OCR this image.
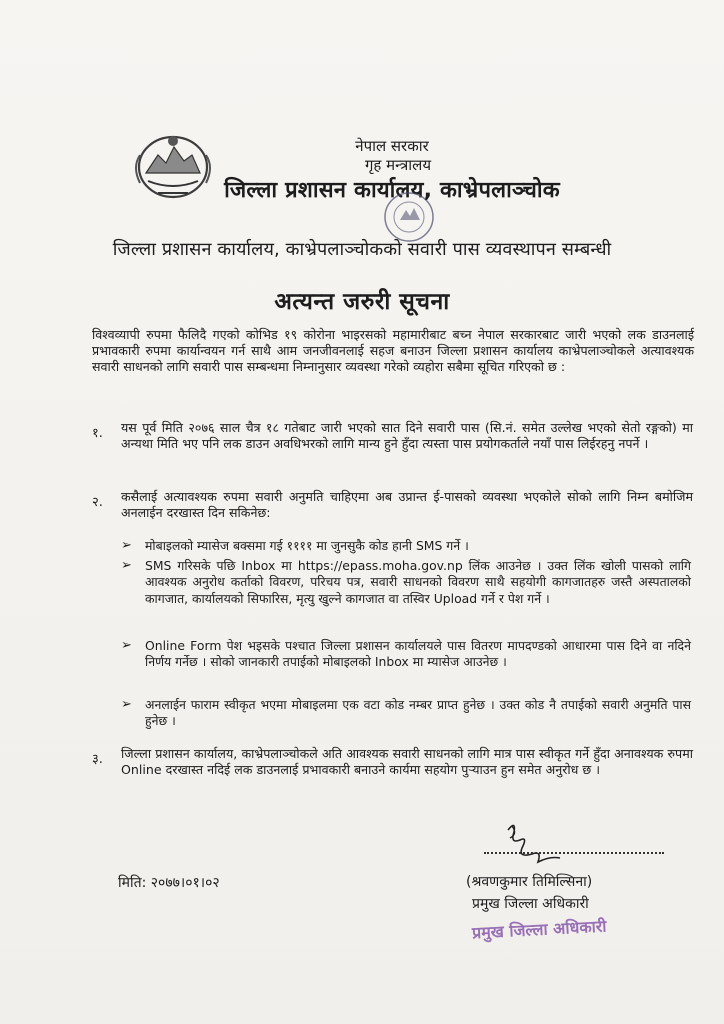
नेपाल सरकार
गृह मन्त्रालय
जिल्ला प्रशासन कार्यालय, काभ्रेपलाञ्चोक
जिल्ला प्रशासन कार्यालय, काभ्रेपलाञ्चोकको सवारी पास व्यवस्थापन सम्बन्धी
अत्यन्त जरुरी सूचना
विश्वव्यापी रुपमा फैलिदै गएको कोभिड १९ कोरोना भाइरसको महामारीबाट बच्न नेपाल सरकारबाट जारी भएको लक डाउनलाई प्रभावकारी रुपमा कार्यान्वयन गर्न साथै आम जनजीवनलाई सहज बनाउन जिल्ला प्रशासन कार्यालय काभ्रेपलाञ्चोकले अत्यावश्यक सवारी साधनको लागि सवारी पास सम्बन्धमा निम्नानुसार व्यवस्था गरेको व्यहोरा सबैमा सूचित गरिएको छ :
१. यस पूर्व मिति २०७६ साल चैत्र १८ गतेबाट जारी भएको सात दिने सवारी पास (सि.नं. समेत उल्लेख भएको सेतो रङ्गको) मा अन्यथा मिति भए पनि लक डाउन अवधिभरको लागि मान्य हुने हुँदा त्यस्ता पास प्रयोगकर्ताले नयाँ पास लिईरहनु नपर्ने ।
२. कसैलाई अत्यावश्यक रुपमा सवारी अनुमति चाहिएमा अब उप्रान्त ई-पासको व्यवस्था भएकोले सोको लागि निम्न बमोजिम अनलाईन दरखास्त दिन सकिनेछ:
➢ मोबाइलको म्यासेज बक्समा गई ११११ मा जुनसुकै कोड हानी SMS गर्ने ।
➢ SMS गरिसके पछि Inbox मा https://epass.moha.gov.np लिंक आउनेछ । उक्त लिंक खोली पासको लागि आवश्यक अनुरोध कर्ताको विवरण, परिचय पत्र, सवारी साधनको विवरण साथै सहयोगी कागजातहरु जस्तै अस्पतालको कागजात, कार्यालयको सिफारिस, मृत्यु खुल्ने कागजात वा तस्विर Upload गर्ने र पेश गर्ने ।
➢ Online Form पेश भइसके पश्चात जिल्ला प्रशासन कार्यालयले पास वितरण मापदण्डको आधारमा पास दिने वा नदिने निर्णय गर्नेछ । सोको जानकारी तपाईको मोबाइलको Inbox मा म्यासेज आउनेछ ।
➢ अनलाईन फाराम स्वीकृत भएमा मोबाइलमा एक वटा कोड नम्बर प्राप्त हुनेछ । उक्त कोड नै तपाईको सवारी अनुमति पास हुनेछ ।
३. जिल्ला प्रशासन कार्यालय, काभ्रेपलाञ्चोकले अति आवश्यक सवारी साधनको लागि मात्र पास स्वीकृत गर्ने हुँदा अनावश्यक रुपमा Online दरखास्त नदिई लक डाउनलाई प्रभावकारी बनाउने कार्यमा सहयोग पुऱ्याउन हुन समेत अनुरोध छ ।
मिति: २०७७।०१।०२	(श्रवणकुमार तिमिल्सिना)
प्रमुख जिल्ला अधिकारी
प्रमुख जिल्ला अधिकारी
